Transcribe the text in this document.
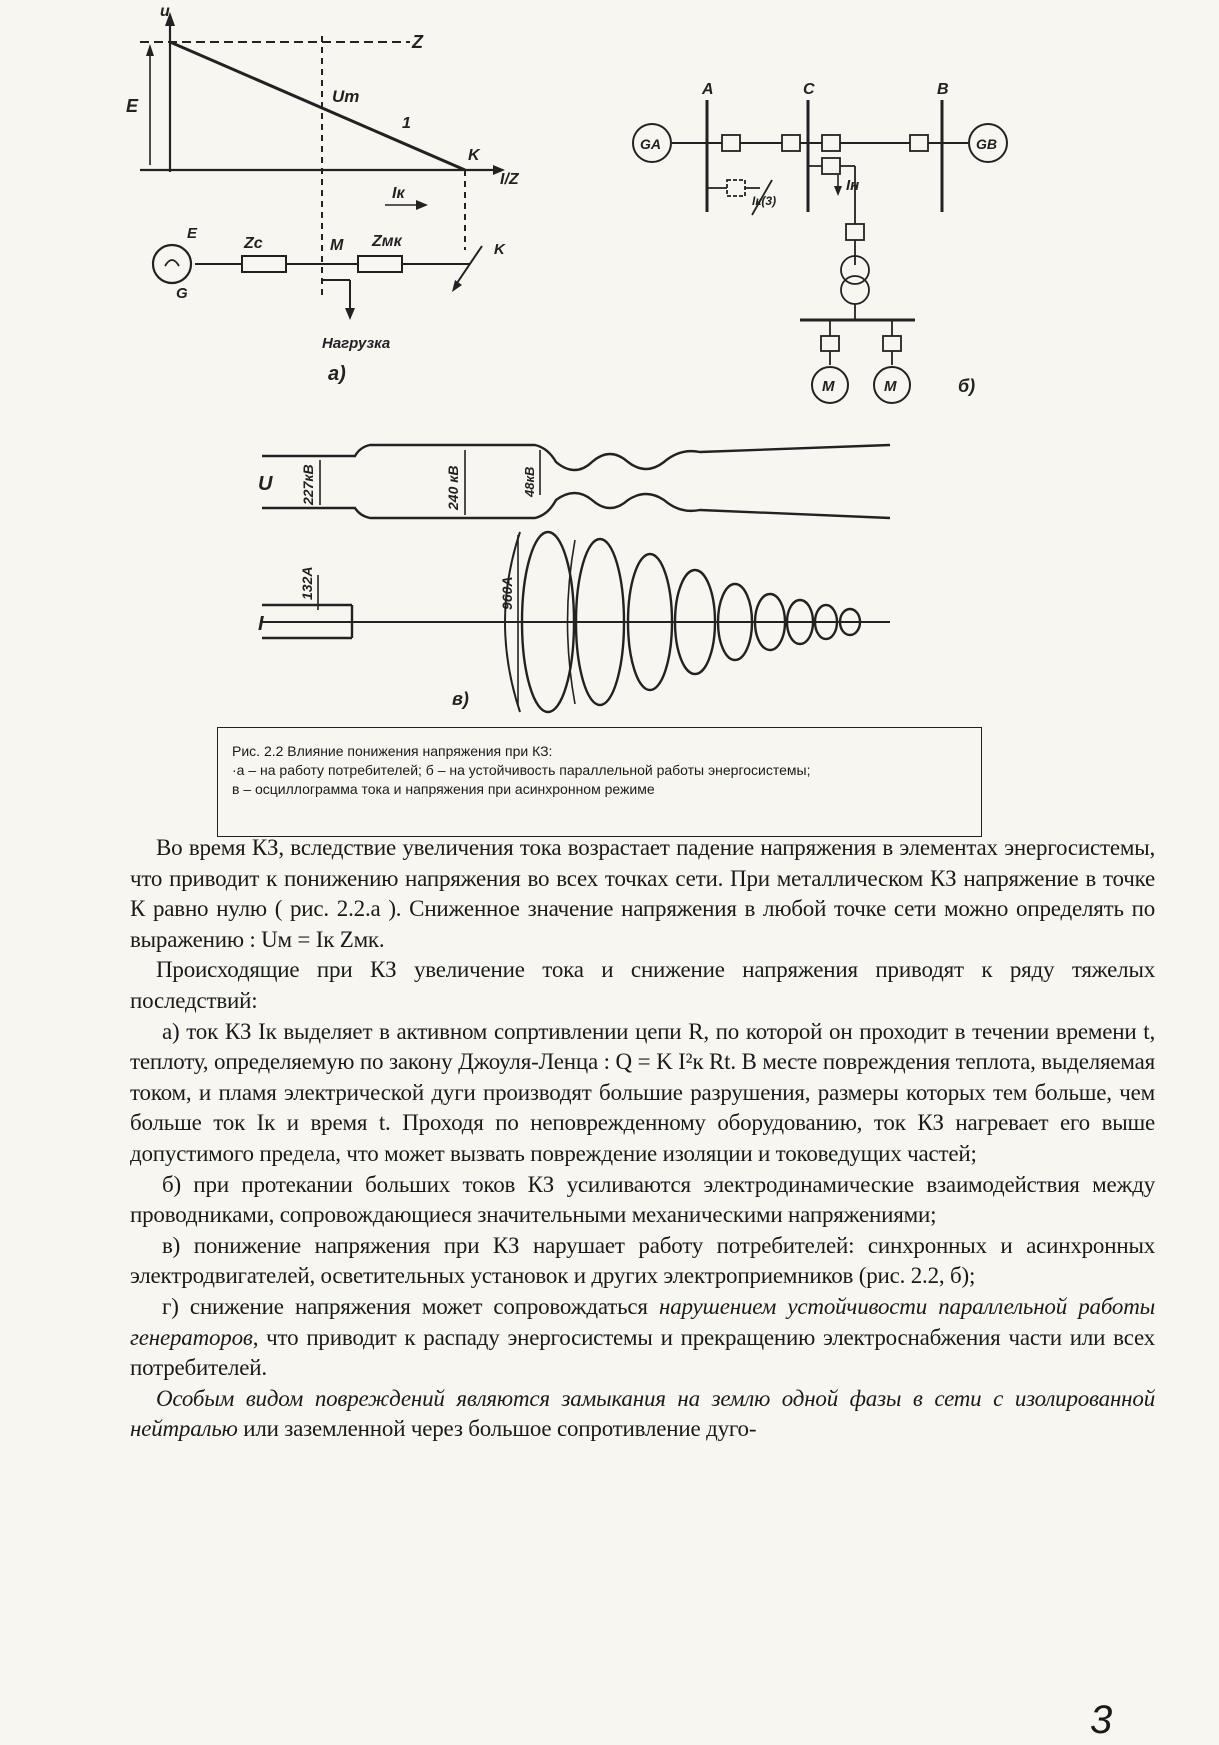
u
Z
E	Um
1
K
I/Z
Iк
Zc	M Zмк	K
E
G
Нагрузка
а)
A	C	B
GA	GB
Iк(3)
Iн
M	M	б)
U
I
227кВ	240 кВ	48кВ
132А	960А
в)
Рис. 2.2 Влияние понижения напряжения при КЗ:
·а – на работу потребителей; б – на устойчивость параллельной работы энергосистемы;
в – осциллограмма тока и напряжения при асинхронном режиме

Во время КЗ, вследствие увеличения тока возрастает падение напряжения в элементах энергосистемы, что приводит к понижению напряжения во всех точках сети. При металлическом КЗ напряжение в точке К равно нулю ( рис. 2.2.а ). Сниженное значение напряжения в любой точке сети можно определять по выражению : Uм = Iк Zмк.

Происходящие при КЗ увеличение тока и снижение напряжения приводят к ряду тяжелых последствий:

а) ток КЗ Iк выделяет в активном сопртивлении цепи R, по которой он проходит в течении времени t, теплоту, определяемую по закону Джоуля-Ленца : Q = K I²к Rt. В месте повреждения теплота, выделяемая током, и пламя электрической дуги производят большие разрушения, размеры которых тем больше, чем больше ток Iк и время t. Проходя по неповрежденному оборудованию, ток КЗ нагревает его выше допустимого предела, что может вызвать повреждение изоляции и токоведущих частей;

б) при протекании больших токов КЗ усиливаются электродинамические взаимодействия между проводниками, сопровождающиеся значительными механическими напряжениями;

в) понижение напряжения при КЗ нарушает работу потребителей: синхронных и асинхронных электродвигателей, осветительных установок и других электроприемников (рис. 2.2, б);

г) снижение напряжения может сопровождаться нарушением устойчивости параллельной работы генераторов, что приводит к распаду энергосистемы и прекращению электроснабжения части или всех потребителей.

Особым видом повреждений являются замыкания на землю одной фазы в сети с изолированной нейтралью или заземленной через большое сопротивление дуго-

3
